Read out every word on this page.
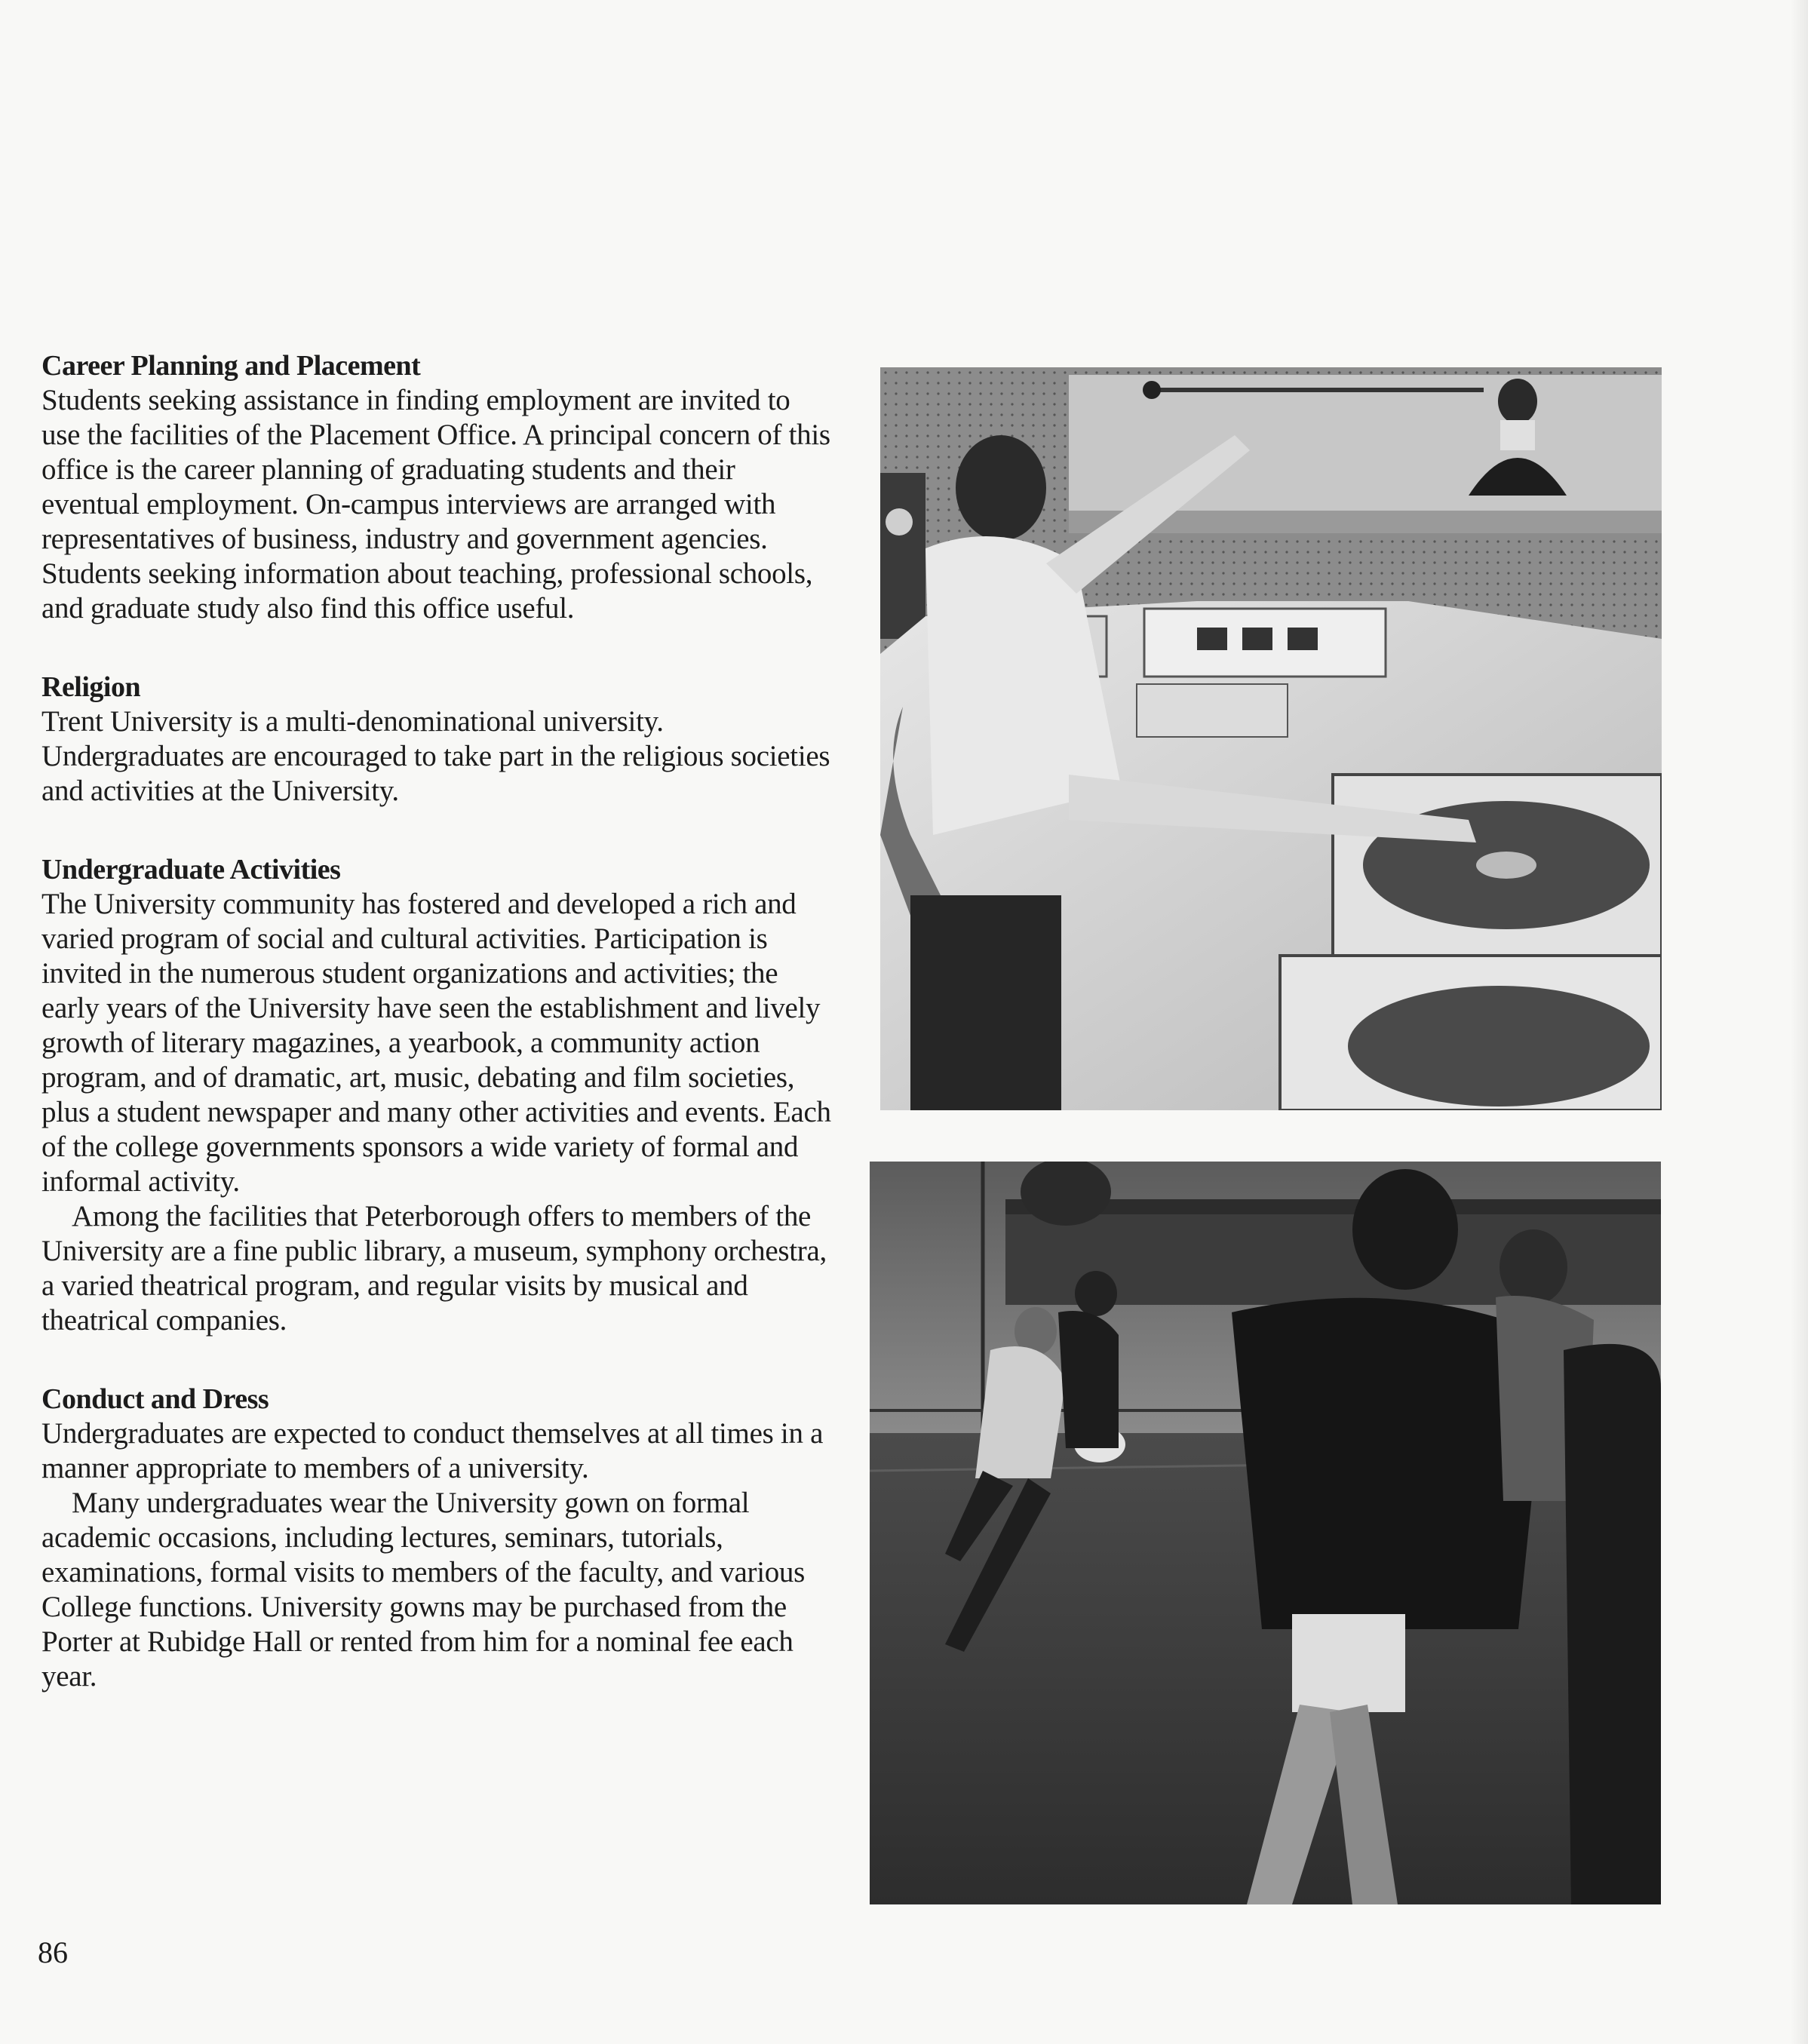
Career Planning and Placement

Students seeking assistance in finding employment are invited to use the facilities of the Placement Office. A principal concern of this office is the career planning of graduating students and their eventual employment. On-campus interviews are arranged with representatives of business, industry and government agencies. Students seeking information about teaching, professional schools, and graduate study also find this office useful.

Religion

Trent University is a multi-denominational university. Undergraduates are encouraged to take part in the religious societies and activities at the University.

Undergraduate Activities

The University community has fostered and developed a rich and varied program of social and cultural activities. Participation is invited in the numerous student organizations and activities; the early years of the University have seen the establishment and lively growth of literary magazines, a yearbook, a community action program, and of dramatic, art, music, debating and film societies, plus a student newspaper and many other activities and events. Each of the college governments sponsors a wide variety of formal and informal activity.

Among the facilities that Peterborough offers to members of the University are a fine public library, a museum, symphony orchestra, a varied theatrical program, and regular visits by musical and theatrical companies.

Conduct and Dress

Undergraduates are expected to conduct themselves at all times in a manner appropriate to members of a university.

Many undergraduates wear the University gown on formal academic occasions, including lectures, seminars, tutorials, examinations, formal visits to members of the faculty, and various College functions. University gowns may be purchased from the Porter at Rubidge Hall or rented from him for a nominal fee each year.

86
